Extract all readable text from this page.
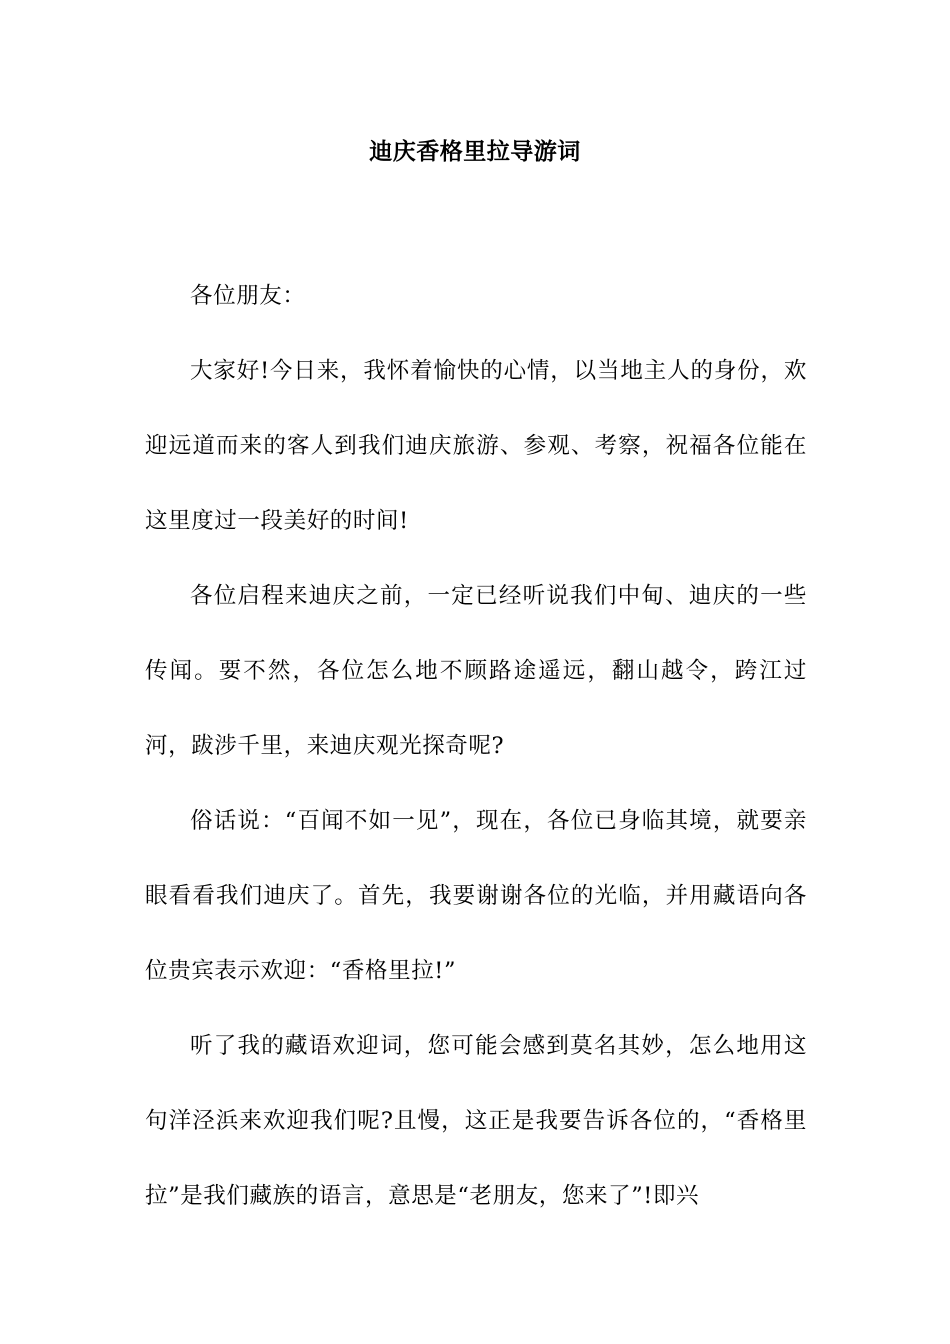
迪庆香格里拉导游词

各位朋友：

大家好!今日来，我怀着愉快的心情，以当地主人的身份，欢迎远道而来的客人到我们迪庆旅游、参观、考察，祝福各位能在这里度过一段美好的时间!

各位启程来迪庆之前，一定已经听说我们中甸、迪庆的一些传闻。要不然，各位怎么地不顾路途遥远，翻山越令，跨江过河，跋涉千里，来迪庆观光探奇呢?

俗话说：“百闻不如一见”，现在，各位已身临其境，就要亲眼看看我们迪庆了。首先，我要谢谢各位的光临，并用藏语向各位贵宾表示欢迎：“香格里拉!”

听了我的藏语欢迎词，您可能会感到莫名其妙，怎么地用这句洋泾浜来欢迎我们呢?且慢，这正是我要告诉各位的，“香格里拉”是我们藏族的语言，意思是“老朋友，您来了”!即兴
